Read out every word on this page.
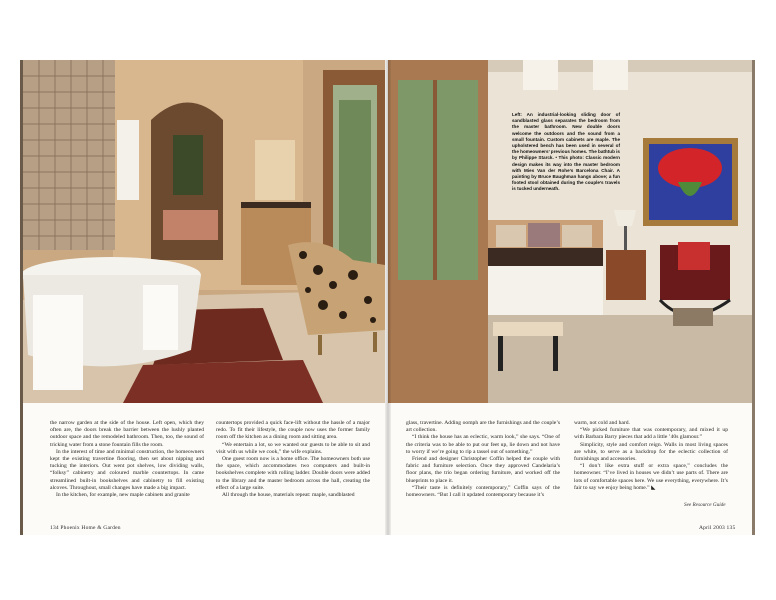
the narrow garden at the side of the house. Left open, which they often are, the doors break the barrier between the lushly planted outdoor space and the remodeled bathroom. Then, too, the sound of tricking water from a stone fountain fills the room.

In the interest of time and minimal construction, the homeowners kept the existing travertine flooring, then set about nipping and tucking the interiors. Out went pot shelves, low dividing walls, “folksy” cabinetry and coloured marble countertops. In came streamlined built-in bookshelves and cabinetry to fill existing alcoves. Throughout, small changes have made a big impact.

In the kitchen, for example, new maple cabinets and granite

countertops provided a quick face-lift without the hassle of a major redo. To fit their lifestyle, the couple now uses the former family room off the kitchen as a dining room and sitting area.

“We entertain a lot, so we wanted our guests to be able to sit and visit with us while we cook,” the wife explains.

One guest room now is a home office. The homeowners both use the space, which accommodates two computers and built-in bookshelves complete with rolling ladder. Double doors were added to the library and the master bedroom across the hall, creating the effect of a large suite.

All through the house, materials repeat: maple, sandblasted

134 Phoenix Home & Garden
Left: An industrial-looking sliding door of sandblasted glass separates the bedroom from the master bathroom. New double doors welcome the outdoors and the sound from a small fountain. Custom cabinets are maple. The upholstered bench has been used in several of the homeowners’ previous homes. The bathtub is by Philippe Starck. • This photo: Classic modern design makes its way into the master bedroom with Mies Van der Rohe’s Barcelona Chair. A painting by Bruce Baughman hangs above; a fun footed stool obtained during the couple’s travels is tucked underneath.

glass, travertine. Adding oomph are the furnishings and the couple’s art collection.

“I think the house has an eclectic, warm look,” she says. “One of the criteria was to be able to put our feet up, lie down and not have to worry if we’re going to rip a tassel out of something.”

Friend and designer Christopher Coffin helped the couple with fabric and furniture selection. Once they approved Candelaria’s floor plans, the trio began ordering furniture, and worked off the blueprints to place it.

“Their taste is definitely contemporary,” Coffin says of the homeowners. “But I call it updated contemporary because it’s

warm, not cold and hard.

“We picked furniture that was contemporary, and mixed it up with Barbara Barry pieces that add a little ’40s glamour.”

Simplicity, style and comfort reign. Walls in most living spaces are white, to serve as a backdrop for the eclectic collection of furnishings and accessories.

“I don’t like extra stuff or extra space,” concludes the homeowner. “I’ve lived in houses we didn’t use parts of. There are lots of comfortable spaces here. We use everything, everywhere. It’s fair to say we enjoy being home.” ◣

See Resource Guide
April 2003 135
